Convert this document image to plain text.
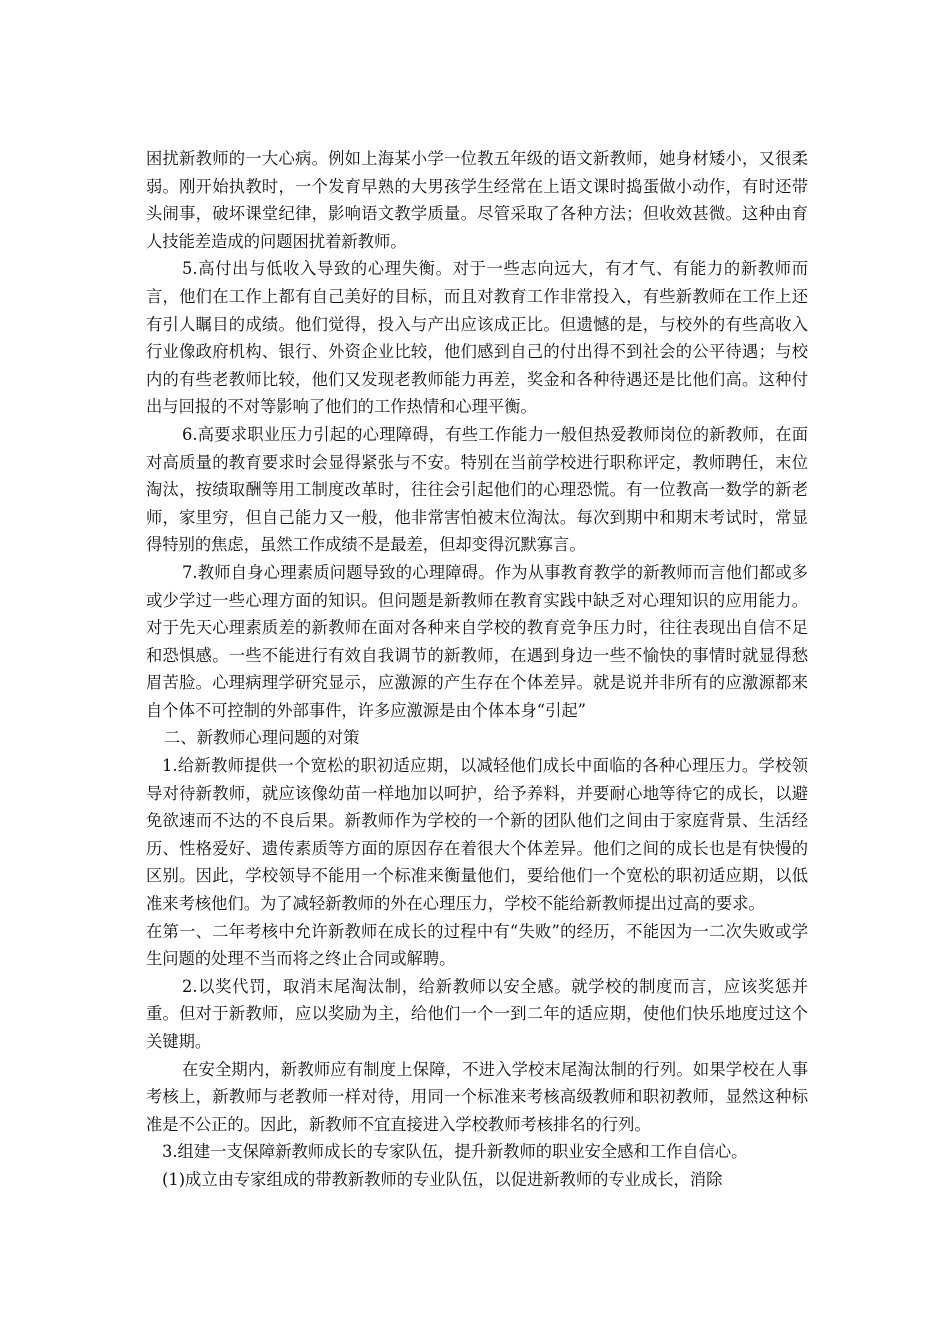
困扰新教师的一大心病。例如上海某小学一位教五年级的语文新教师，她身材矮小，又很柔弱。刚开始执教时，一个发育早熟的大男孩学生经常在上语文课时捣蛋做小动作，有时还带头闹事，破坏课堂纪律，影响语文教学质量。尽管采取了各种方法；但收效甚微。这种由育人技能差造成的问题困扰着新教师。

5.高付出与低收入导致的心理失衡。对于一些志向远大，有才气、有能力的新教师而言，他们在工作上都有自己美好的目标，而且对教育工作非常投入，有些新教师在工作上还有引人瞩目的成绩。他们觉得，投入与产出应该成正比。但遗憾的是，与校外的有些高收入行业像政府机构、银行、外资企业比较，他们感到自己的付出得不到社会的公平待遇；与校内的有些老教师比较，他们又发现老教师能力再差，奖金和各种待遇还是比他们高。这种付出与回报的不对等影响了他们的工作热情和心理平衡。

6.高要求职业压力引起的心理障碍，有些工作能力一般但热爱教师岗位的新教师，在面对高质量的教育要求时会显得紧张与不安。特别在当前学校进行职称评定，教师聘任，末位淘汰，按绩取酬等用工制度改革时，往往会引起他们的心理恐慌。有一位教高一数学的新老师，家里穷，但自己能力又一般，他非常害怕被末位淘汰。每次到期中和期末考试时，常显得特别的焦虑，虽然工作成绩不是最差，但却变得沉默寡言。

7.教师自身心理素质问题导致的心理障碍。作为从事教育教学的新教师而言他们都或多或少学过一些心理方面的知识。但问题是新教师在教育实践中缺乏对心理知识的应用能力。对于先天心理素质差的新教师在面对各种来自学校的教育竞争压力时，往往表现出自信不足和恐惧感。一些不能进行有效自我调节的新教师，在遇到身边一些不愉快的事情时就显得愁眉苦脸。心理病理学研究显示，应激源的产生存在个体差异。就是说并非所有的应激源都来自个体不可控制的外部事件，许多应激源是由个体本身“引起”

二、新教师心理问题的对策

1.给新教师提供一个宽松的职初适应期，以减轻他们成长中面临的各种心理压力。学校领导对待新教师，就应该像幼苗一样地加以呵护，给予养料，并要耐心地等待它的成长，以避免欲速而不达的不良后果。新教师作为学校的一个新的团队他们之间由于家庭背景、生活经历、性格爱好、遗传素质等方面的原因存在着很大个体差异。他们之间的成长也是有快慢的区别。因此，学校领导不能用一个标准来衡量他们，要给他们一个宽松的职初适应期，以低准来考核他们。为了减轻新教师的外在心理压力，学校不能给新教师提出过高的要求。

在第一、二年考核中允许新教师在成长的过程中有“失败”的经历，不能因为一二次失败或学生问题的处理不当而将之终止合同或解聘。

2.以奖代罚，取消末尾淘汰制，给新教师以安全感。就学校的制度而言，应该奖惩并重。但对于新教师，应以奖励为主，给他们一个一到二年的适应期，使他们快乐地度过这个关键期。

在安全期内，新教师应有制度上保障，不进入学校末尾淘汰制的行列。如果学校在人事考核上，新教师与老教师一样对待，用同一个标准来考核高级教师和职初教师，显然这种标准是不公正的。因此，新教师不宜直接进入学校教师考核排名的行列。

3.组建一支保障新教师成长的专家队伍，提升新教师的职业安全感和工作自信心。

(1)成立由专家组成的带教新教师的专业队伍，以促进新教师的专业成长，消除
